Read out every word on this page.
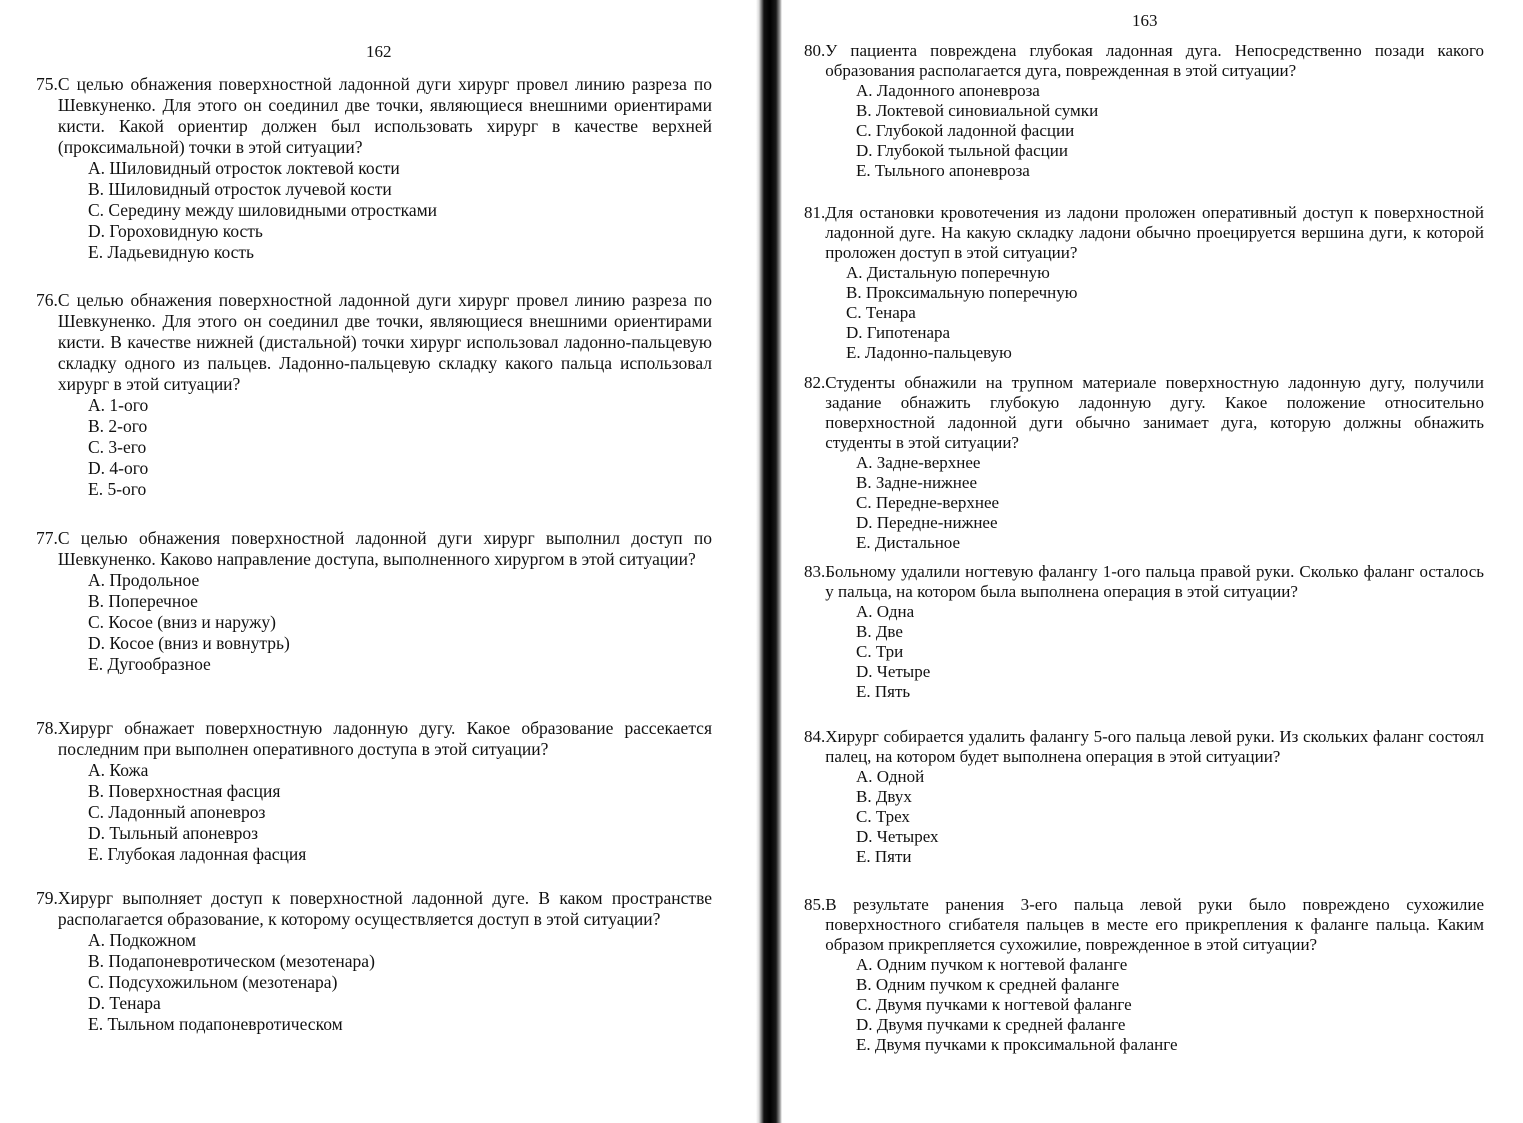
162
75. С целью обнажения поверхностной ладонной дуги хирург провел линию разреза по Шевкуненко. Для этого он соединил две точки, являющиеся внешними ориентирами кисти. Какой ориентир должен был использовать хирург в качестве верхней (проксимальной) точки в этой ситуации?
А. Шиловидный отросток локтевой кости
В. Шиловидный отросток лучевой кости
С. Середину между шиловидными отростками
D. Гороховидную кость
Е. Ладьевидную кость
76. С целью обнажения поверхностной ладонной дуги хирург провел линию разреза по Шевкуненко. Для этого он соединил две точки, являющиеся внешними ориентирами кисти. В качестве нижней (дистальной) точки хирург использовал ладонно-пальцевую складку одного из пальцев. Ладонно-пальцевую складку какого пальца использовал хирург в этой ситуации?
А. 1-ого
В. 2-ого
С. 3-его
D. 4-ого
Е. 5-ого
77. С целью обнажения поверхностной ладонной дуги хирург выполнил доступ по Шевкуненко. Каково направление доступа, выполненного хирургом в этой ситуации?
А. Продольное
В. Поперечное
С. Косое (вниз и наружу)
D. Косое (вниз и вовнутрь)
Е. Дугообразное
78. Хирург обнажает поверхностную ладонную дугу. Какое образование рассекается последним при выполнен оперативного доступа в этой ситуации?
А. Кожа
В. Поверхностная фасция
С. Ладонный апоневроз
D. Тыльный апоневроз
Е. Глубокая ладонная фасция
79. Хирург выполняет доступ к поверхностной ладонной дуге. В каком пространстве располагается образование, к которому осуществляется доступ в этой ситуации?
А. Подкожном
В. Подапоневротическом (мезотенара)
С. Подсухожильном (мезотенара)
D. Тенара
Е. Тыльном подапоневротическом
163
80. У пациента повреждена глубокая ладонная дуга. Непосредственно позади какого образования располагается дуга, поврежденная в этой ситуации?
А. Ладонного апоневроза
В. Локтевой синовиальной сумки
С. Глубокой ладонной фасции
D. Глубокой тыльной фасции
Е. Тыльного апоневроза
81. Для остановки кровотечения из ладони проложен оперативный доступ к поверхностной ладонной дуге. На какую складку ладони обычно проецируется вершина дуги, к которой проложен доступ в этой ситуации?
А. Дистальную поперечную
В. Проксимальную поперечную
С. Тенара
D. Гипотенара
Е. Ладонно-пальцевую
82. Студенты обнажили на трупном материале поверхностную ладонную дугу, получили задание обнажить глубокую ладонную дугу. Какое положение относительно поверхностной ладонной дуги обычно занимает дуга, которую должны обнажить студенты в этой ситуации?
А. Задне-верхнее
В. Задне-нижнее
С. Передне-верхнее
D. Передне-нижнее
Е. Дистальное
83. Больному удалили ногтевую фалангу 1-ого пальца правой руки. Сколько фаланг осталось у пальца, на котором была выполнена операция в этой ситуации?
А. Одна
В. Две
С. Три
D. Четыре
Е. Пять
84. Хирург собирается удалить фалангу 5-ого пальца левой руки. Из скольких фаланг состоял палец, на котором будет выполнена операция в этой ситуации?
А. Одной
В. Двух
С. Трех
D. Четырех
Е. Пяти
85. В результате ранения 3-его пальца левой руки было повреждено сухожилие поверхностного сгибателя пальцев в месте его прикрепления к фаланге пальца. Каким образом прикрепляется сухожилие, поврежденное в этой ситуации?
А. Одним пучком к ногтевой фаланге
В. Одним пучком к средней фаланге
С. Двумя пучками к ногтевой фаланге
D. Двумя пучками к средней фаланге
Е. Двумя пучками к проксимальной фаланге
